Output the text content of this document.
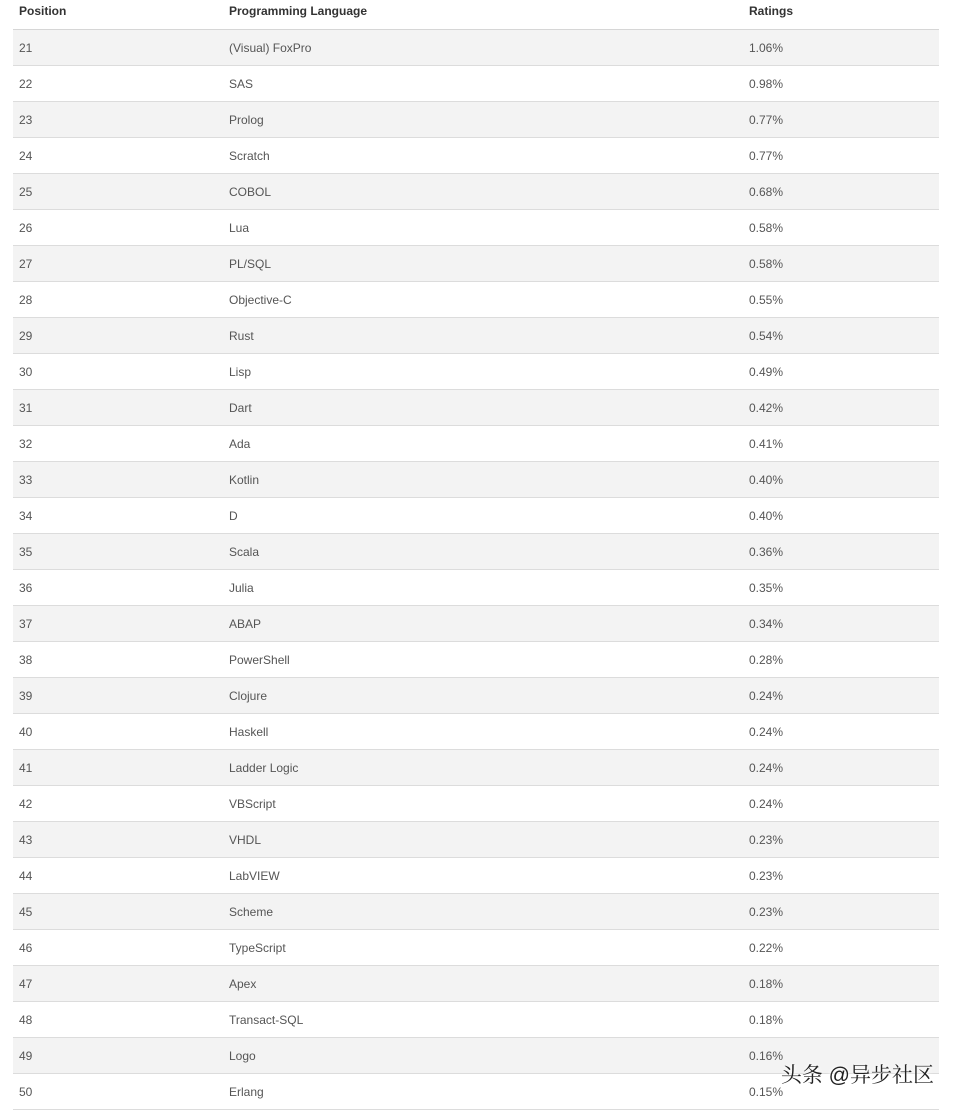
Position	Programming Language	Ratings
21	(Visual) FoxPro	1.06%
22	SAS	0.98%
23	Prolog	0.77%
24	Scratch	0.77%
25	COBOL	0.68%
26	Lua	0.58%
27	PL/SQL	0.58%
28	Objective-C	0.55%
29	Rust	0.54%
30	Lisp	0.49%
31	Dart	0.42%
32	Ada	0.41%
33	Kotlin	0.40%
34	D	0.40%
35	Scala	0.36%
36	Julia	0.35%
37	ABAP	0.34%
38	PowerShell	0.28%
39	Clojure	0.24%
40	Haskell	0.24%
41	Ladder Logic	0.24%
42	VBScript	0.24%
43	VHDL	0.23%
44	LabVIEW	0.23%
45	Scheme	0.23%
46	TypeScript	0.22%
47	Apex	0.18%
48	Transact-SQL	0.18%
49	Logo	0.16%
50	Erlang	0.15%
头条 @异步社区
